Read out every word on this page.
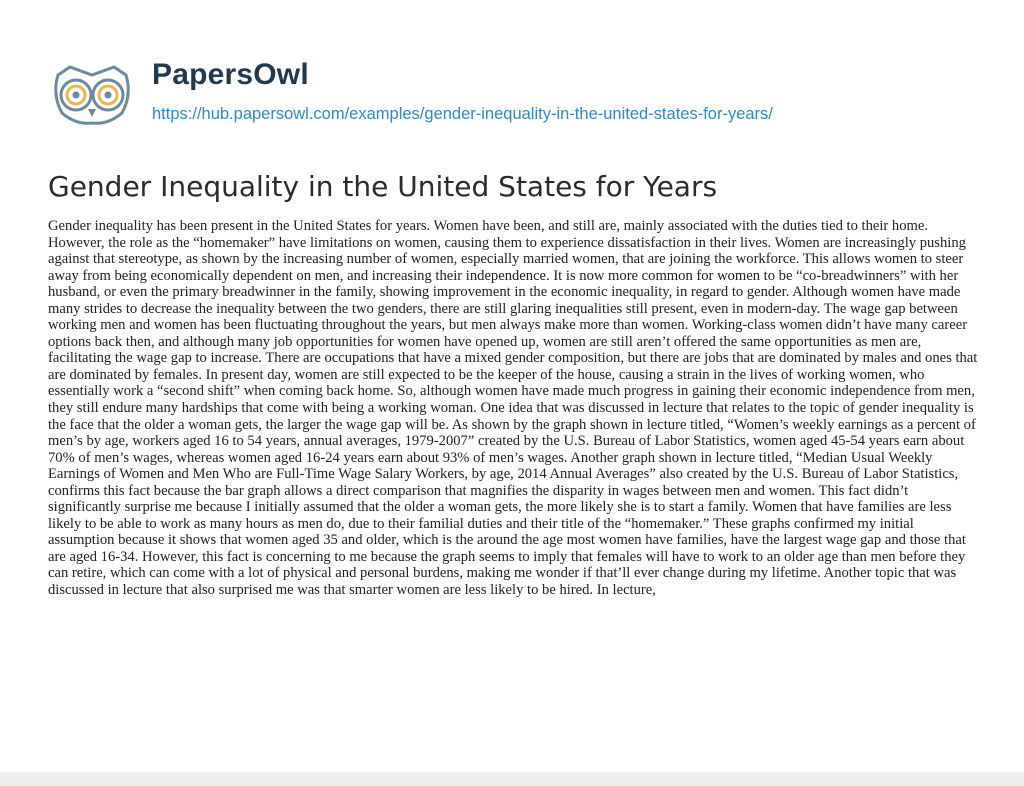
PapersOwl
https://hub.papersowl.com/examples/gender-inequality-in-the-united-states-for-years/
Gender Inequality in the United States for Years

Gender inequality has been present in the United States for years. Women have been, and still are, mainly associated with the duties tied to their home. However, the role as the “homemaker” have limitations on women, causing them to experience dissatisfaction in their lives. Women are increasingly pushing against that stereotype, as shown by the increasing number of women, especially married women, that are joining the workforce. This allows women to steer away from being economically dependent on men, and increasing their independence. It is now more common for women to be “co-breadwinners” with her husband, or even the primary breadwinner in the family, showing improvement in the economic inequality, in regard to gender. Although women have made many strides to decrease the inequality between the two genders, there are still glaring inequalities still present, even in modern-day. The wage gap between working men and women has been fluctuating throughout the years, but men always make more than women. Working-class women didn’t have many career options back then, and although many job opportunities for women have opened up, women are still aren’t offered the same opportunities as men are, facilitating the wage gap to increase. There are occupations that have a mixed gender composition, but there are jobs that are dominated by males and ones that are dominated by females. In present day, women are still expected to be the keeper of the house, causing a strain in the lives of working women, who essentially work a “second shift” when coming back home. So, although women have made much progress in gaining their economic independence from men, they still endure many hardships that come with being a working woman. One idea that was discussed in lecture that relates to the topic of gender inequality is the face that the older a woman gets, the larger the wage gap will be. As shown by the graph shown in lecture titled, “Women’s weekly earnings as a percent of men’s by age, workers aged 16 to 54 years, annual averages, 1979-2007” created by the U.S. Bureau of Labor Statistics, women aged 45-54 years earn about 70% of men’s wages, whereas women aged 16-24 years earn about 93% of men’s wages. Another graph shown in lecture titled, “Median Usual Weekly Earnings of Women and Men Who are Full-Time Wage Salary Workers, by age, 2014 Annual Averages” also created by the U.S. Bureau of Labor Statistics, confirms this fact because the bar graph allows a direct comparison that magnifies the disparity in wages between men and women. This fact didn’t significantly surprise me because I initially assumed that the older a woman gets, the more likely she is to start a family. Women that have families are less likely to be able to work as many hours as men do, due to their familial duties and their title of the “homemaker.” These graphs confirmed my initial assumption because it shows that women aged 35 and older, which is the around the age most women have families, have the largest wage gap and those that are aged 16-34. However, this fact is concerning to me because the graph seems to imply that females will have to work to an older age than men before they can retire, which can come with a lot of physical and personal burdens, making me wonder if that’ll ever change during my lifetime. Another topic that was discussed in lecture that also surprised me was that smarter women are less likely to be hired. In lecture,
